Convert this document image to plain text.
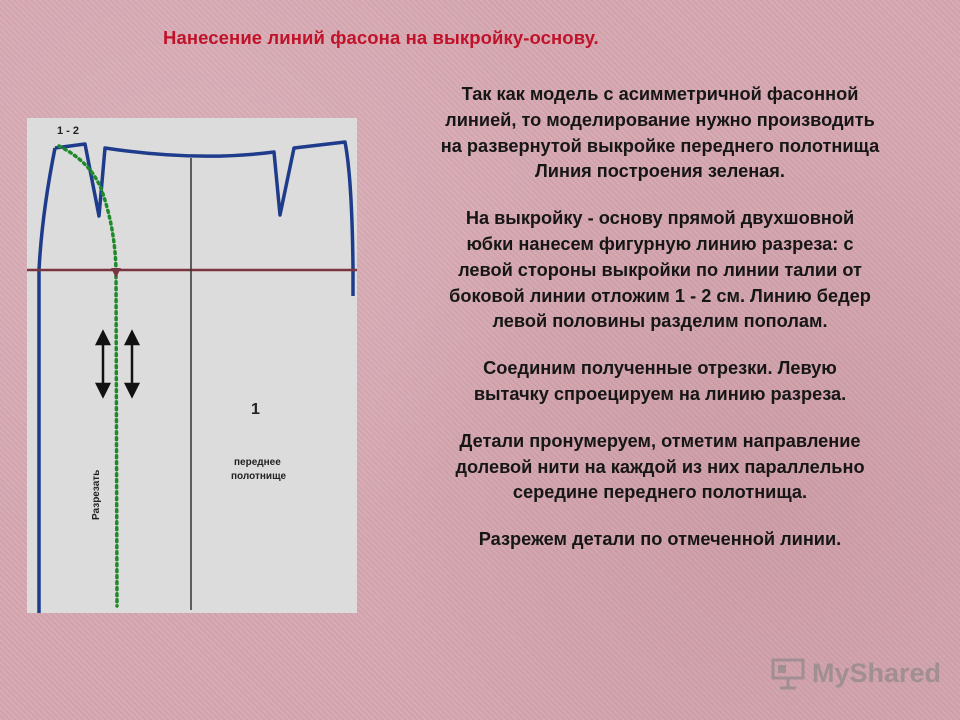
Нанесение линий фасона на выкройку-основу.

Так как модель с асимметричной фасонной
линией, то моделирование нужно производить
на развернутой выкройке переднего полотнища
Линия построения зеленая.

На выкройку - основу прямой двухшовной
юбки нанесем фигурную линию разреза: с
левой стороны выкройки по линии талии от
боковой линии отложим 1 - 2 см. Линию бедер
левой половины разделим пополам.

Соединим полученные отрезки. Левую
вытачку спроецируем на линию разреза.

Детали пронумеруем, отметим направление
долевой нити на каждой из них параллельно
середине переднего полотнища.

Разрежем детали по отмеченной линии.

1 - 2
1
переднее
полотнище
Разрезать
MyShared
